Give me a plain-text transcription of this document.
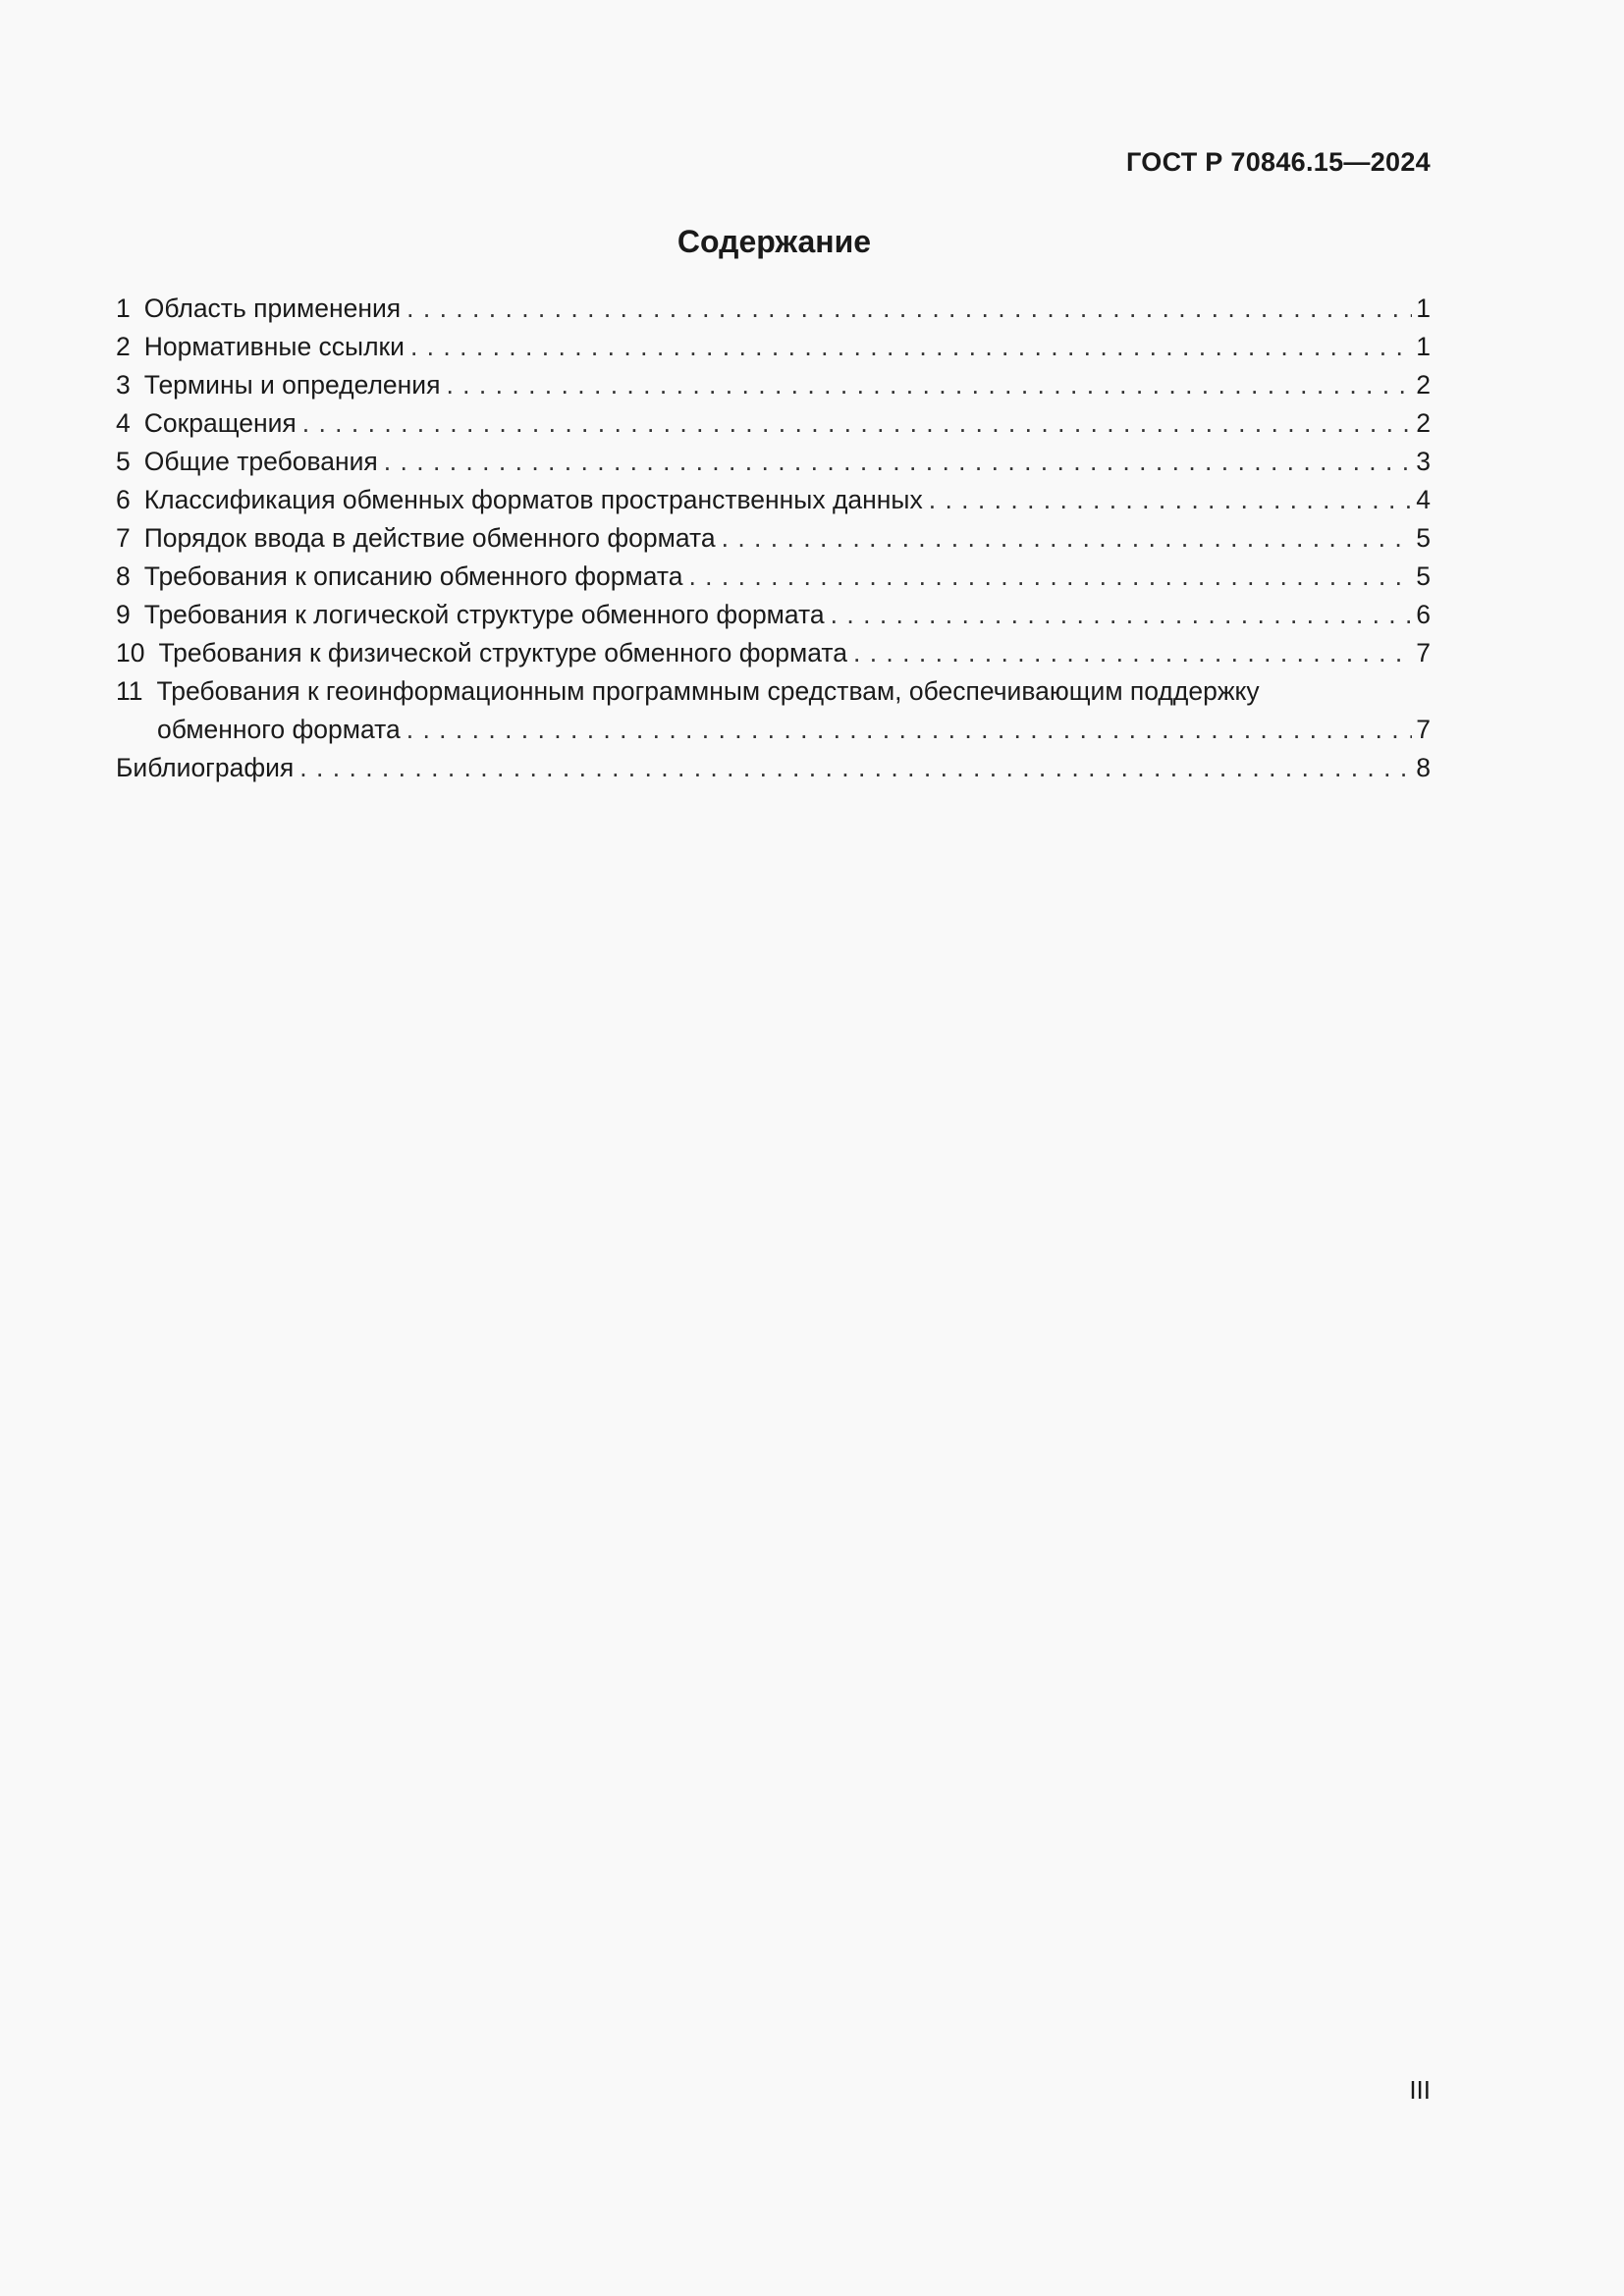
ГОСТ Р 70846.15—2024
Содержание
1 Область применения . . .	1
2 Нормативные ссылки . . .	1
3 Термины и определения . . .	2
4 Сокращения . . .	2
5 Общие требования . . .	3
6 Классификация обменных форматов пространственных данных . . .	4
7 Порядок ввода в действие обменного формата . . .	5
8 Требования к описанию обменного формата . . .	5
9 Требования к логической структуре обменного формата . . .	6
10 Требования к физической структуре обменного формата . . .	7
11 Требования к геоинформационным программным средствам, обеспечивающим поддержку
обменного формата . . .	7
Библиография . . .	8
III
